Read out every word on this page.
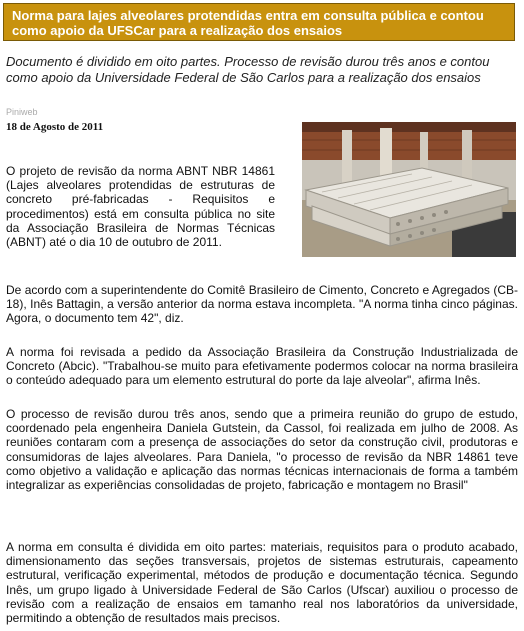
Norma para lajes alveolares protendidas entra em consulta pública e contou como apoio da UFSCar para a realização dos ensaios

Documento é dividido em oito partes. Processo de revisão durou três anos e contou como apoio da Universidade Federal de São Carlos para a realização dos ensaios

Piniweb

18 de Agosto de 2011

O projeto de revisão da norma ABNT NBR 14861 (Lajes alveolares protendidas de estruturas de concreto pré-fabricadas - Requisitos e procedimentos) está em consulta pública no site da Associação Brasileira de Normas Técnicas (ABNT) até o dia 10 de outubro de 2011.

De acordo com a superintendente do Comitê Brasileiro de Cimento, Concreto e Agregados (CB-18), Inês Battagin, a versão anterior da norma estava incompleta. "A norma tinha cinco páginas. Agora, o documento tem 42", diz.

A norma foi revisada a pedido da Associação Brasileira da Construção Industrializada de Concreto (Abcic). "Trabalhou-se muito para efetivamente podermos colocar na norma brasileira o conteúdo adequado para um elemento estrutural do porte da laje alveolar", afirma Inês.

O processo de revisão durou três anos, sendo que a primeira reunião do grupo de estudo, coordenado pela engenheira Daniela Gutstein, da Cassol, foi realizada em julho de 2008. As reuniões contaram com a presença de associações do setor da construção civil, produtoras e consumidoras de lajes alveolares. Para Daniela, "o processo de revisão da NBR 14861 teve como objetivo a validação e aplicação das normas técnicas internacionais de forma a também integralizar as experiências consolidadas de projeto, fabricação e montagem no Brasil"

A norma em consulta é dividida em oito partes: materiais, requisitos para o produto acabado, dimensionamento das seções transversais, projetos de sistemas estruturais, capeamento estrutural, verificação experimental, métodos de produção e documentação técnica. Segundo Inês, um grupo ligado à Universidade Federal de São Carlos (Ufscar) auxiliou o processo de revisão com a realização de ensaios em tamanho real nos laboratórios da universidade, permitindo a obtenção de resultados mais precisos.
